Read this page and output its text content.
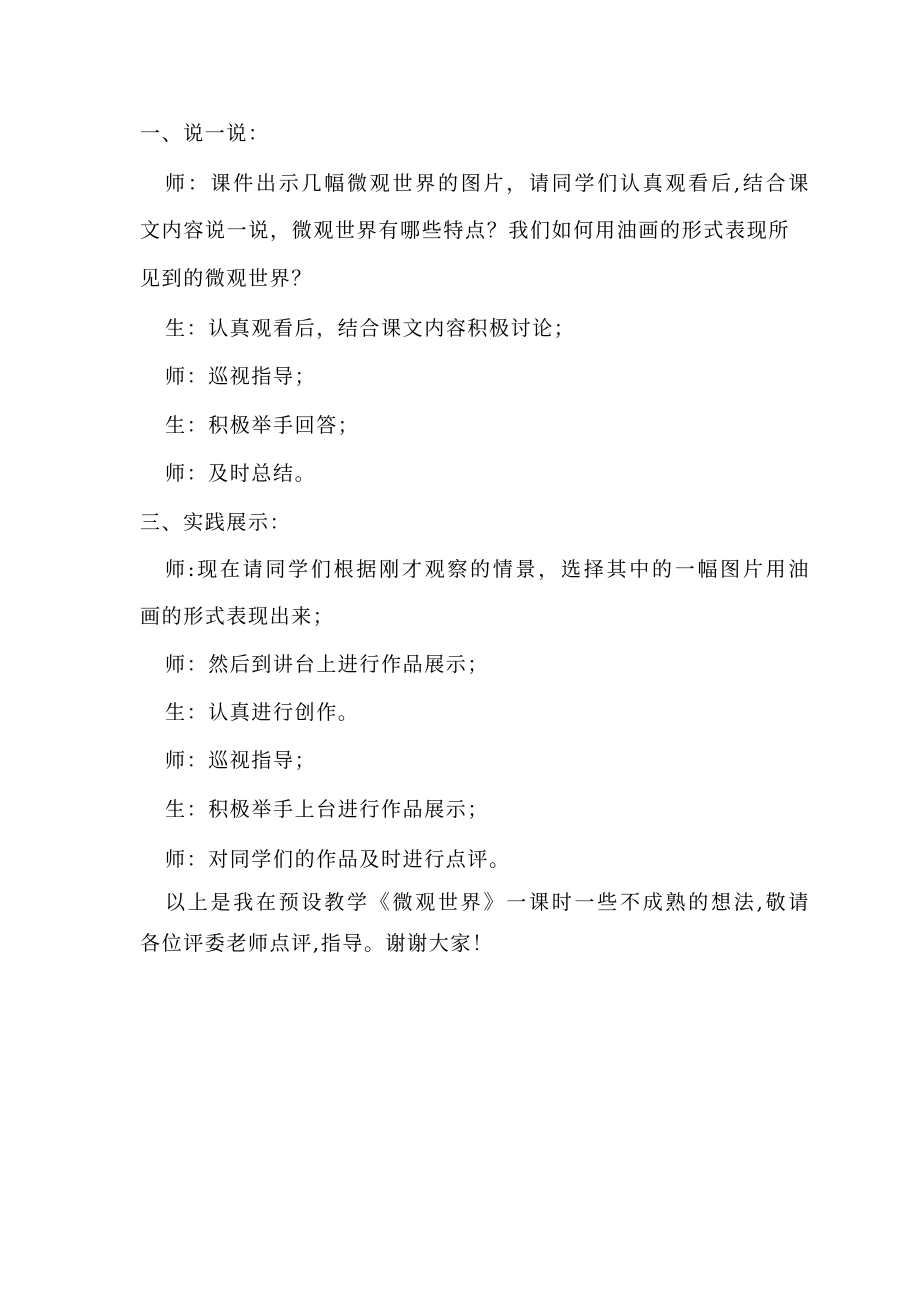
一、说一说：
师：课件出示几幅微观世界的图片，请同学们认真观看后,结合课
文内容说一说，微观世界有哪些特点？我们如何用油画的形式表现所
见到的微观世界？
生：认真观看后，结合课文内容积极讨论；
师：巡视指导；
生：积极举手回答；
师：及时总结。
三、实践展示：
师:现在请同学们根据刚才观察的情景，选择其中的一幅图片用油
画的形式表现出来；
师：然后到讲台上进行作品展示；
生：认真进行创作。
师：巡视指导；
生：积极举手上台进行作品展示；
师：对同学们的作品及时进行点评。
以上是我在预设教学《微观世界》一课时一些不成熟的想法,敬请
各位评委老师点评,指导。谢谢大家！
